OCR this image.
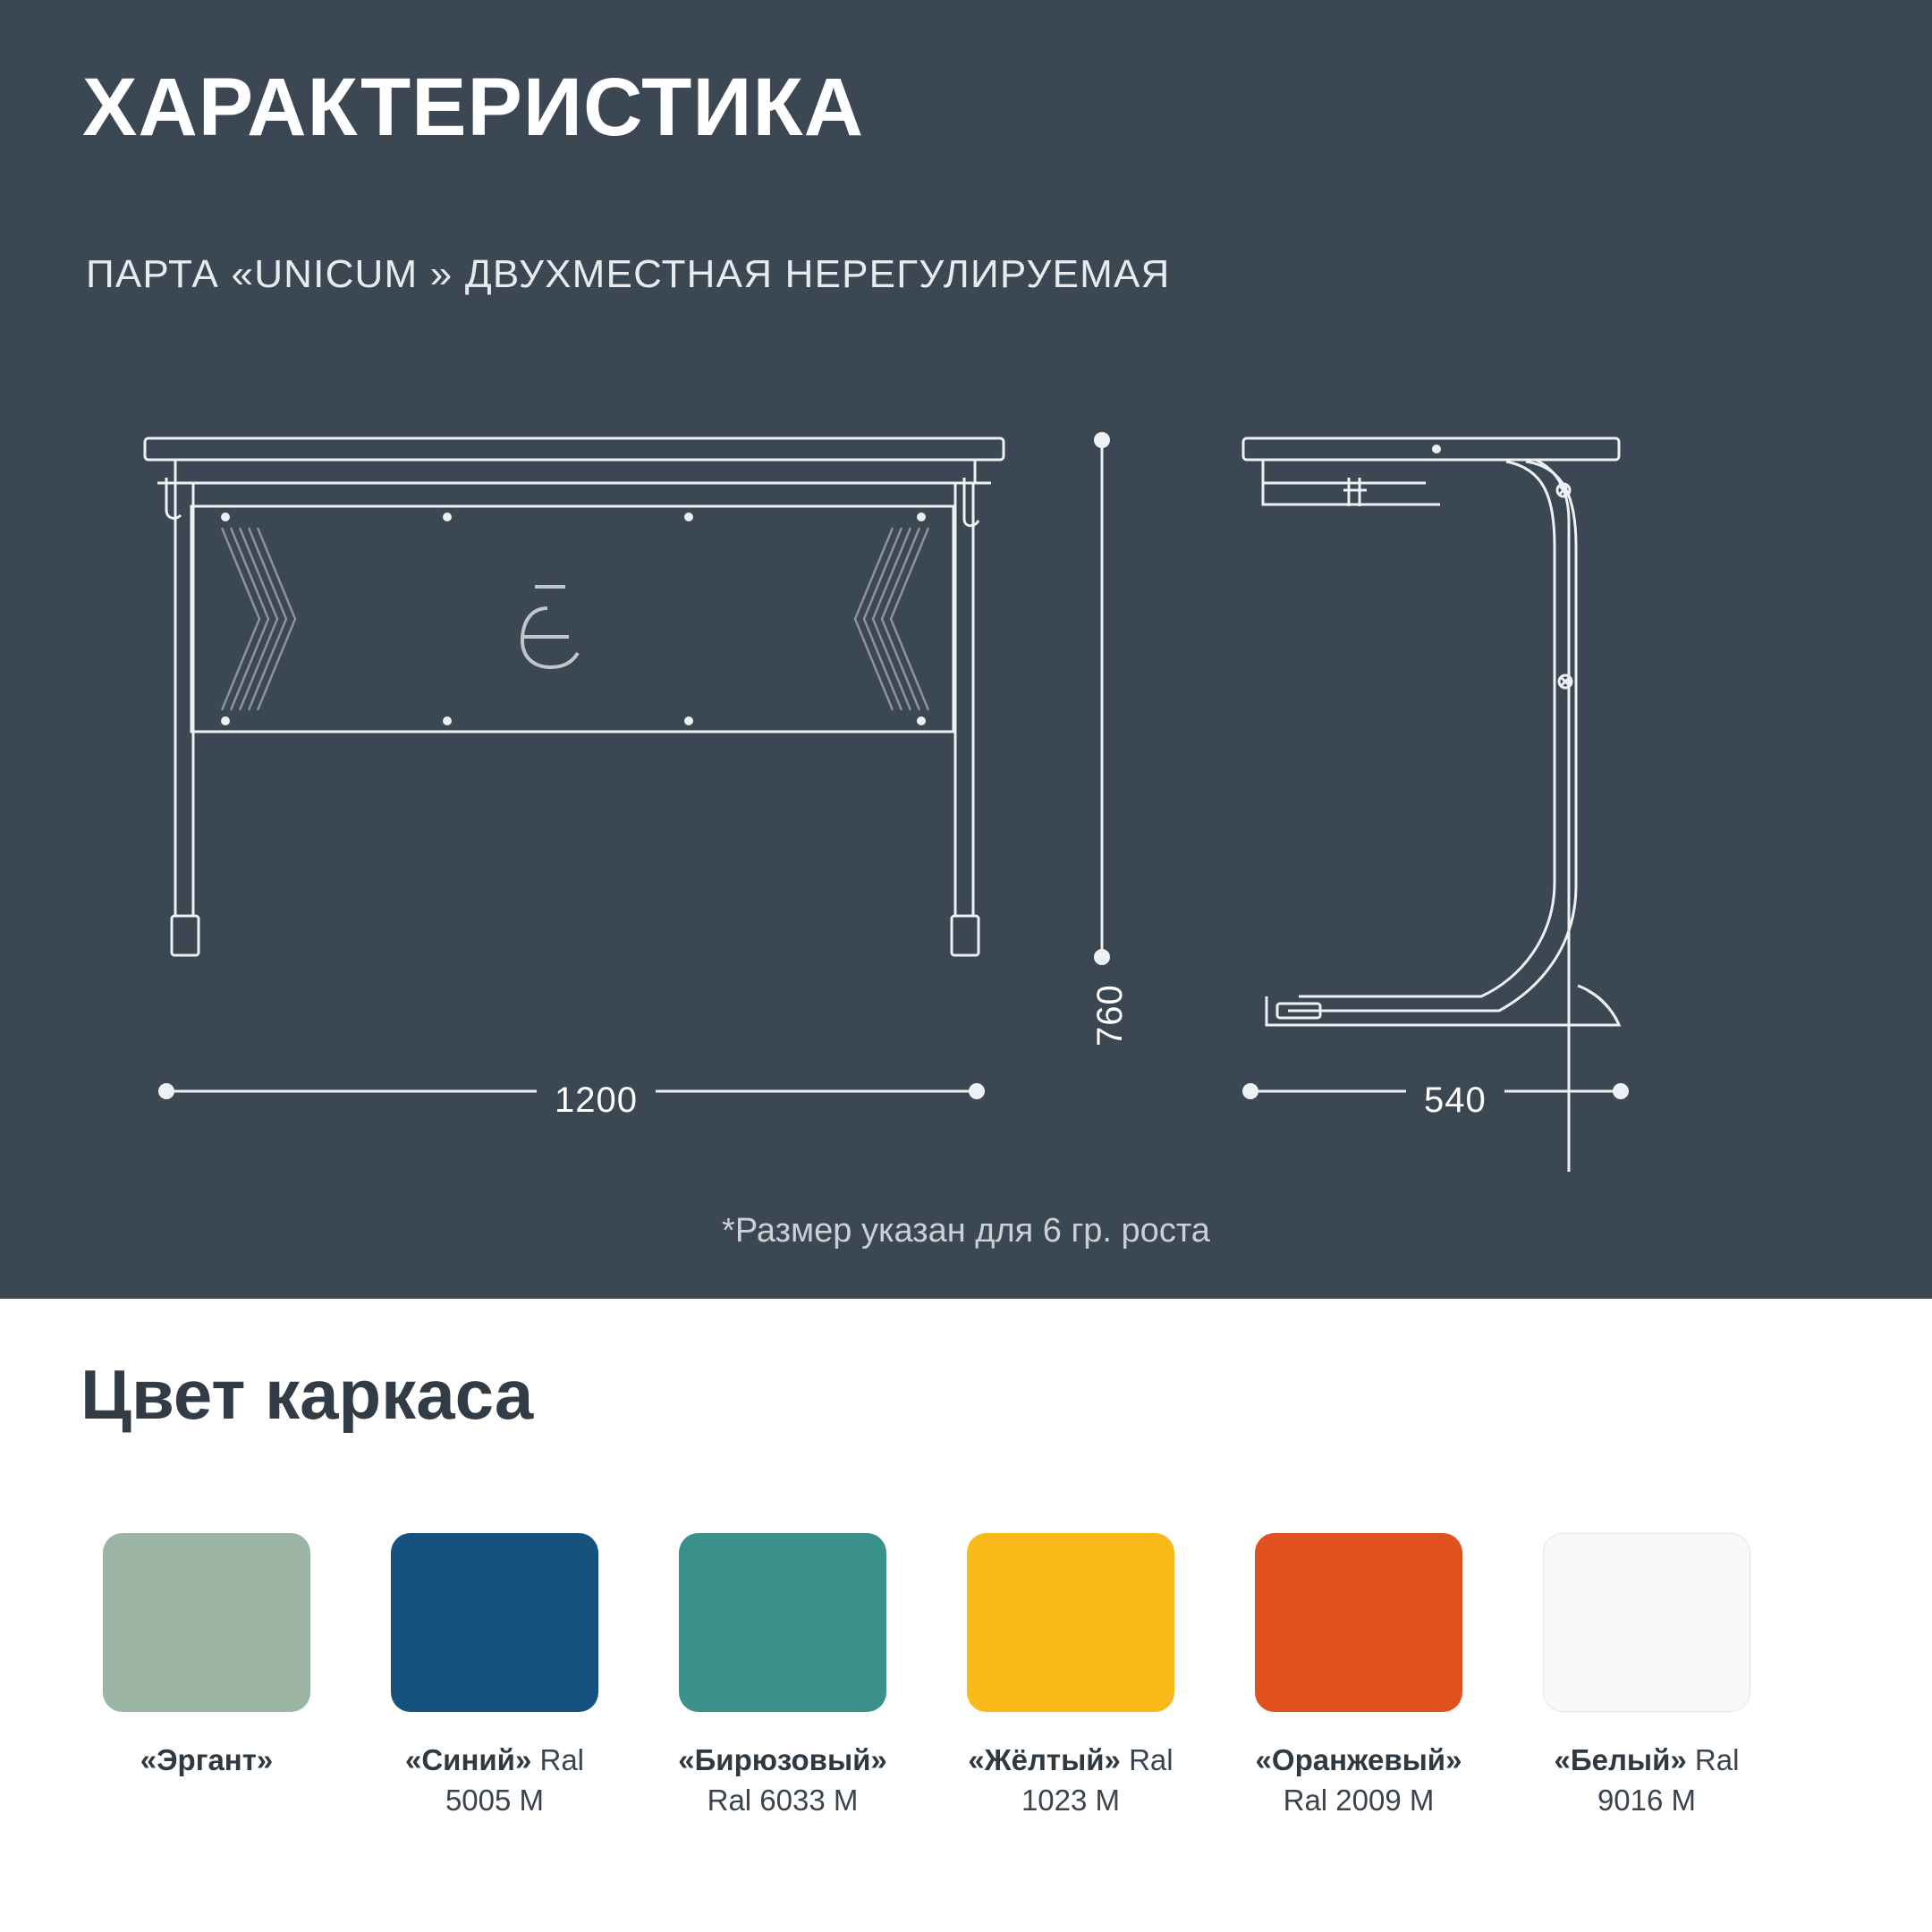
ХАРАКТЕРИСТИКА
ПАРТА «UNICUM » ДВУХМЕСТНАЯ НЕРЕГУЛИРУЕМАЯ
760
1200	540
*Размер указан для 6 гр. роста
Цвет каркаса
«Эргант»	«Синий» Ral 5005 M
«Бирюзовый» Ral 6033 M
«Жёлтый» Ral 1023 M
«Оранжевый» Ral 2009 M
«Белый» Ral 9016 M
